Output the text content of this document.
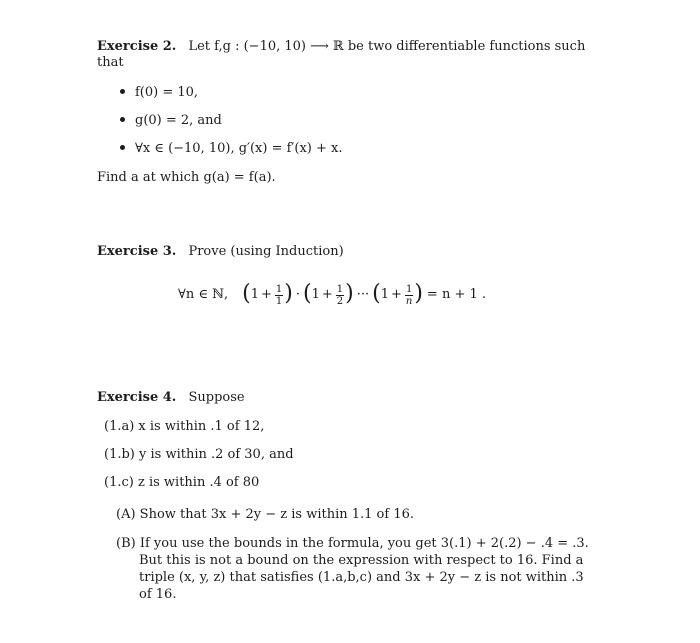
Exercise 2. Let f,g : (−10, 10) ⟶ ℝ be two differentiable functions such
that
f(0) = 10,
g(0) = 2, and
∀x ∈ (−10, 10), g′(x) = f′(x) + x.
Find a at which g(a) = f(a).
Exercise 3. Prove (using Induction)
∀n ∈ ℕ, ( $1 + \frac{1}{1}$ ) · ( $1 + \frac{1}{2}$ ) ··· ( $1 + \frac{1}{n}$ ) = n + 1 .
Exercise 4. Suppose
(1.a) x is within .1 of 12,
(1.b) y is within .2 of 30, and
(1.c) z is within .4 of 80
(A) Show that 3x + 2y − z is within 1.1 of 16.
(B) If you use the bounds in the formula, you get 3(.1) + 2(.2) − .4 = .3.
But this is not a bound on the expression with respect to 16. Find a
triple (x, y, z) that satisfies (1.a,b,c) and 3x + 2y − z is not within .3
of 16.
